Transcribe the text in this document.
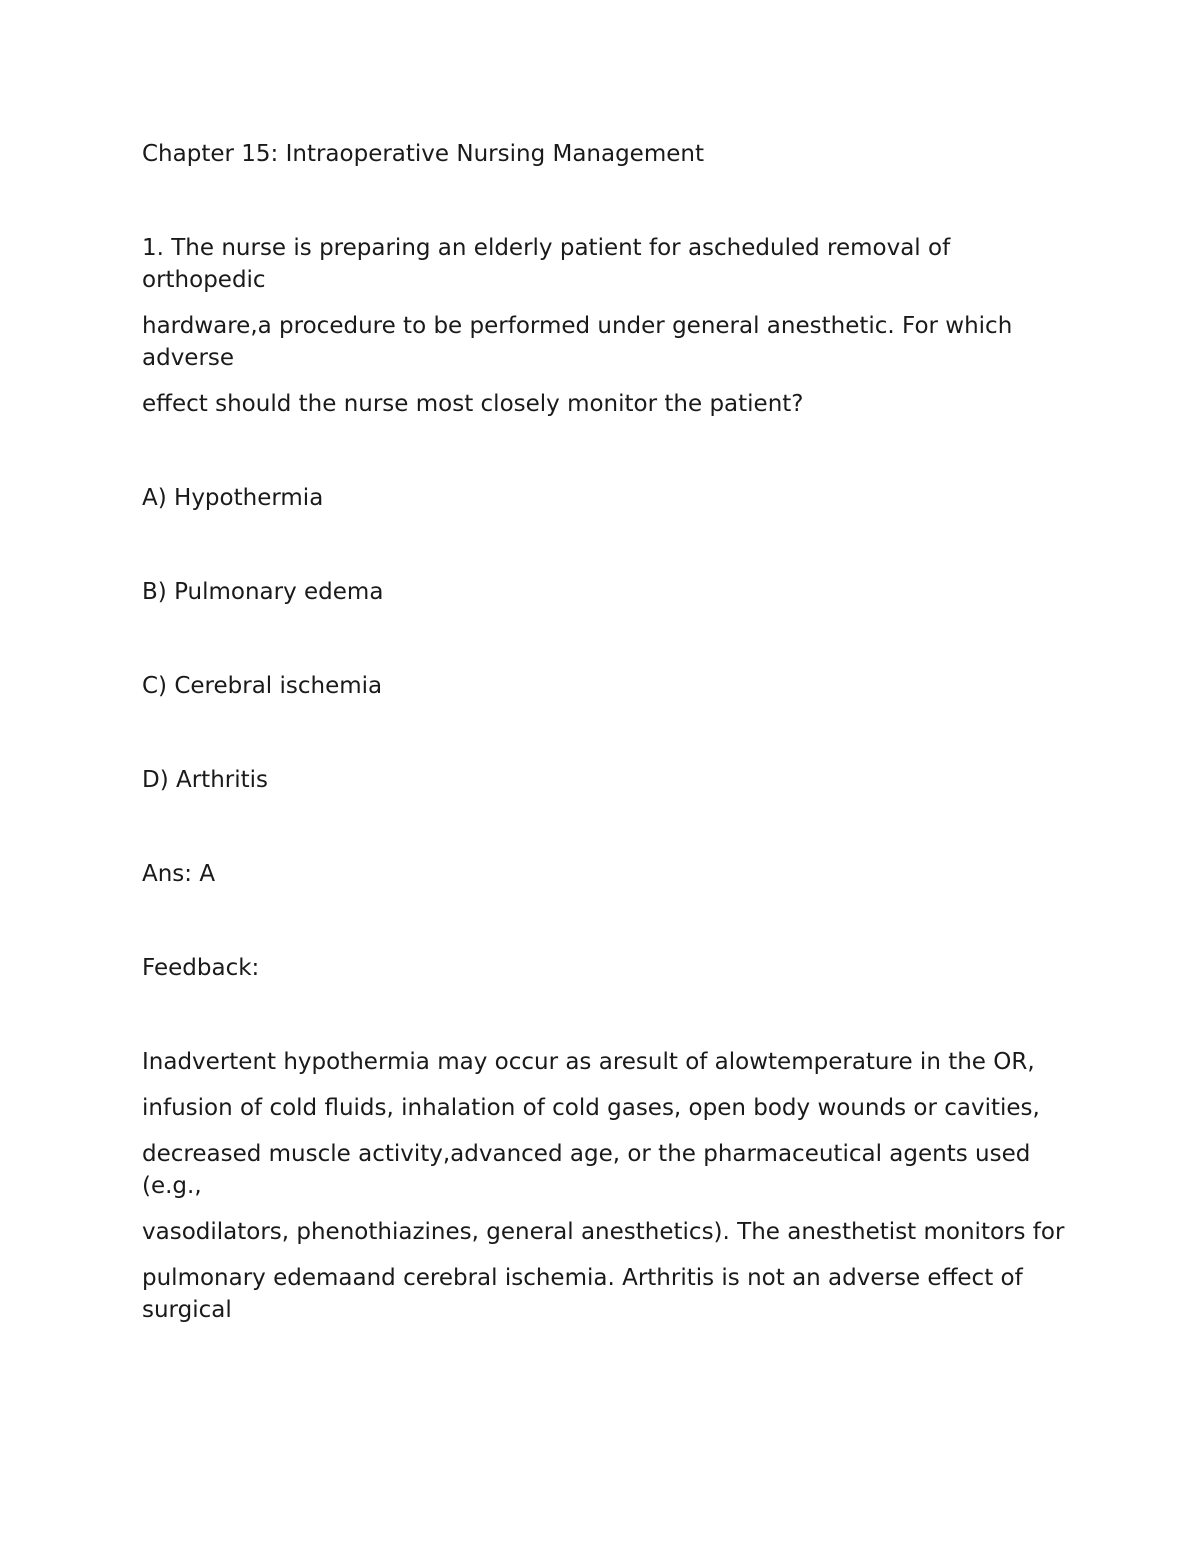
Chapter 15: Intraoperative Nursing Management

1. The nurse is preparing an elderly patient for ascheduled removal of orthopedic

hardware,a procedure to be performed under general anesthetic. For which adverse

effect should the nurse most closely monitor the patient?

A) Hypothermia

B) Pulmonary edema

C) Cerebral ischemia

D) Arthritis

Ans: A

Feedback:

Inadvertent hypothermia may occur as aresult of alowtemperature in the OR,

infusion of cold fluids, inhalation of cold gases, open body wounds or cavities,

decreased muscle activity,advanced age, or the pharmaceutical agents used (e.g.,

vasodilators, phenothiazines, general anesthetics). The anesthetist monitors for

pulmonary edemaand cerebral ischemia. Arthritis is not an adverse effect of surgical
